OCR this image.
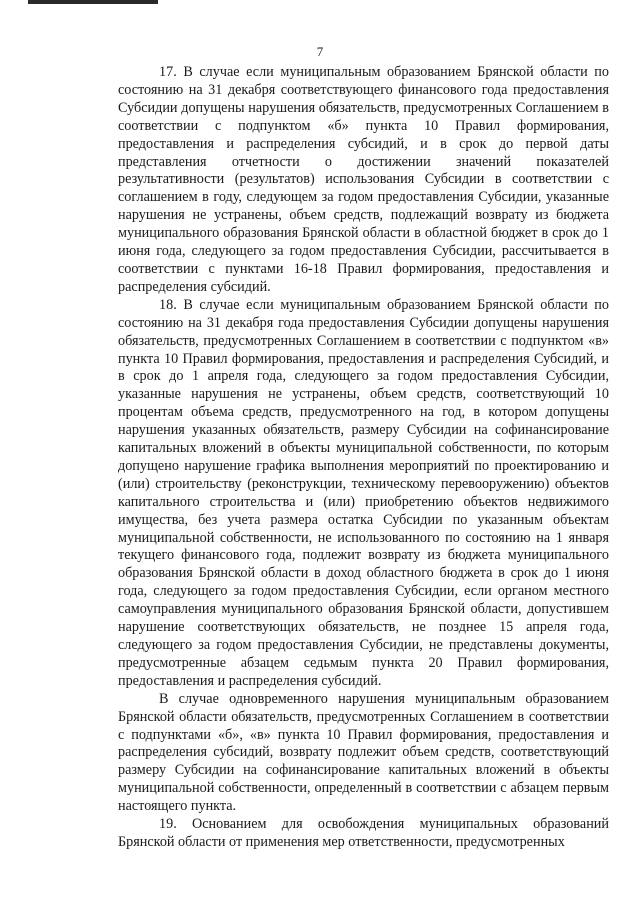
7

17. В случае если муниципальным образованием Брянской области по состоянию на 31 декабря соответствующего финансового года предоставления Субсидии допущены нарушения обязательств, предусмотренных Соглашением в соответствии с подпунктом «б» пункта 10 Правил формирования, предоставления и распределения субсидий, и в срок до первой даты представления отчетности о достижении значений показателей результативности (результатов) использования Субсидии в соответствии с соглашением в году, следующем за годом предоставления Субсидии, указанные нарушения не устранены, объем средств, подлежащий возврату из бюджета муниципального образования Брянской области в областной бюджет в срок до 1 июня года, следующего за годом предоставления Субсидии, рассчитывается в соответствии с пунктами 16-18 Правил формирования, предоставления и распределения субсидий.

18. В случае если муниципальным образованием Брянской области по состоянию на 31 декабря года предоставления Субсидии допущены нарушения обязательств, предусмотренных Соглашением в соответствии с подпунктом «в» пункта 10 Правил формирования, предоставления и распределения Субсидий, и в срок до 1 апреля года, следующего за годом предоставления Субсидии, указанные нарушения не устранены, объем средств, соответствующий 10 процентам объема средств, предусмотренного на год, в котором допущены нарушения указанных обязательств, размеру Субсидии на софинансирование капитальных вложений в объекты муниципальной собственности, по которым допущено нарушение графика выполнения мероприятий по проектированию и (или) строительству (реконструкции, техническому перевооружению) объектов капитального строительства и (или) приобретению объектов недвижимого имущества, без учета размера остатка Субсидии по указанным объектам муниципальной собственности, не использованного по состоянию на 1 января текущего финансового года, подлежит возврату из бюджета муниципального образования Брянской области в доход областного бюджета в срок до 1 июня года, следующего за годом предоставления Субсидии, если органом местного самоуправления муниципального образования Брянской области, допустившем нарушение соответствующих обязательств, не позднее 15 апреля года, следующего за годом предоставления Субсидии, не представлены документы, предусмотренные абзацем седьмым пункта 20 Правил формирования, предоставления и распределения субсидий.

В случае одновременного нарушения муниципальным образованием Брянской области обязательств, предусмотренных Соглашением в соответствии с подпунктами «б», «в» пункта 10 Правил формирования, предоставления и распределения субсидий, возврату подлежит объем средств, соответствующий размеру Субсидии на софинансирование капитальных вложений в объекты муниципальной собственности, определенный в соответствии с абзацем первым настоящего пункта.

19. Основанием для освобождения муниципальных образований Брянской области от применения мер ответственности, предусмотренных
